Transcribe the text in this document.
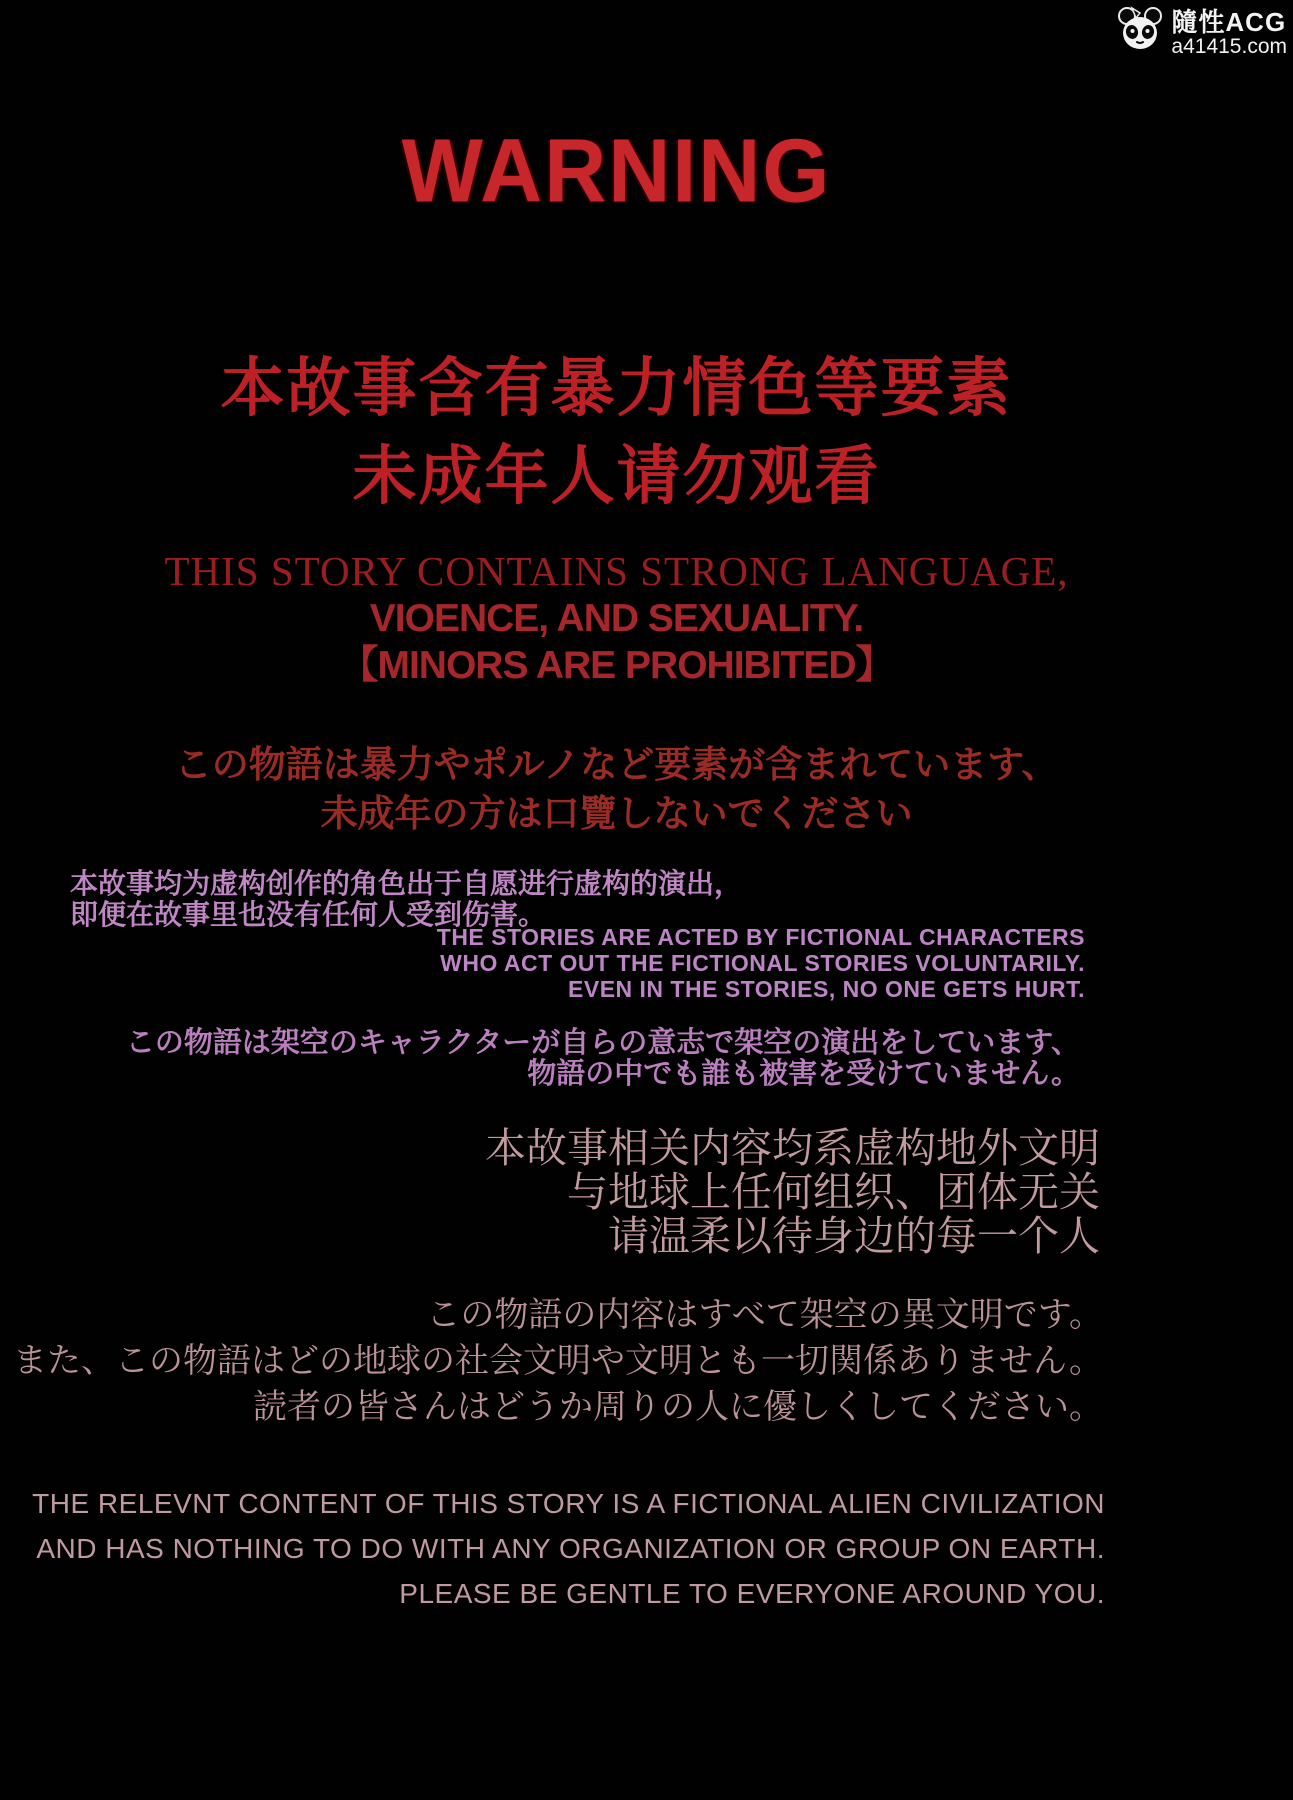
隨性ACG
a41415.com
WARNING
本故事含有暴力情色等要素
未成年人请勿观看
THIS STORY CONTAINS STRONG LANGUAGE,
VIOENCE, AND SEXUALITY.
【MINORS ARE PROHIBITED】
この物語は暴力やポルノなど要素が含まれています、
未成年の方は口覽しないでください
本故事均为虚构创作的角色出于自愿进行虚构的演出，
即便在故事里也没有任何人受到伤害。
THE STORIES ARE ACTED BY FICTIONAL CHARACTERS
WHO ACT OUT THE FICTIONAL STORIES VOLUNTARILY.
EVEN IN THE STORIES, NO ONE GETS HURT.
この物語は架空のキャラクターが自らの意志で架空の演出をしています、
物語の中でも誰も被害を受けていません。
本故事相关内容均系虚构地外文明
与地球上任何组织、团体无关
请温柔以待身边的每一个人
この物語の内容はすべて架空の異文明です。
また、この物語はどの地球の社会文明や文明とも一切関係ありません。
読者の皆さんはどうか周りの人に優しくしてください。
THE RELEVNT CONTENT OF THIS STORY IS A FICTIONAL ALIEN CIVILIZATION
AND HAS NOTHING TO DO WITH ANY ORGANIZATION OR GROUP ON EARTH.
PLEASE BE GENTLE TO EVERYONE AROUND YOU.
